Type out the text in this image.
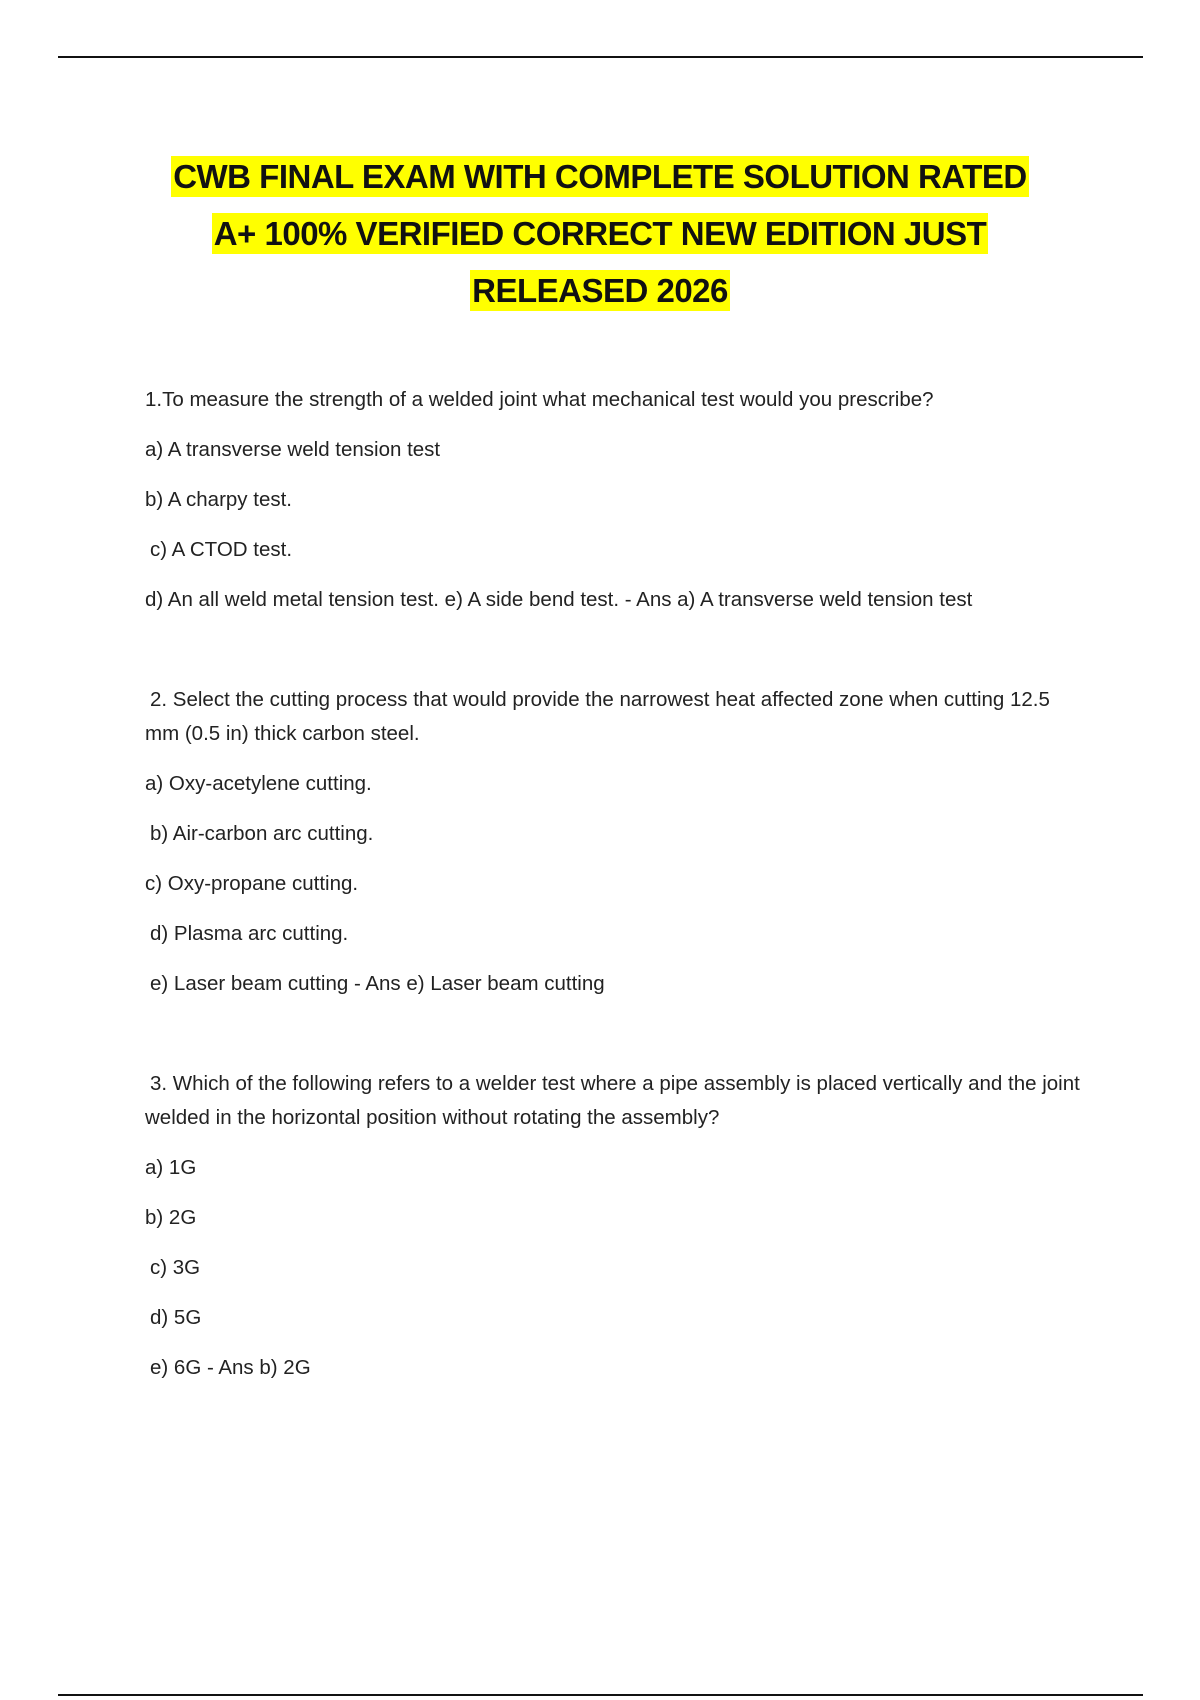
CWB FINAL EXAM WITH COMPLETE SOLUTION RATED
A+ 100% VERIFIED CORRECT NEW EDITION JUST
RELEASED 2026

1.To measure the strength of a welded joint what mechanical test would you prescribe?

a) A transverse weld tension test

b) A charpy test.

c) A CTOD test.

d) An all weld metal tension test. e) A side bend test. - Ans a) A transverse weld tension test

2. Select the cutting process that would provide the narrowest heat affected zone when cutting 12.5 mm (0.5 in) thick carbon steel.

a) Oxy-acetylene cutting.

b) Air-carbon arc cutting.

c) Oxy-propane cutting.

d) Plasma arc cutting.

e) Laser beam cutting - Ans e) Laser beam cutting

3. Which of the following refers to a welder test where a pipe assembly is placed vertically and the joint welded in the horizontal position without rotating the assembly?

a) 1G

b) 2G

c) 3G

d) 5G

e) 6G - Ans b) 2G
